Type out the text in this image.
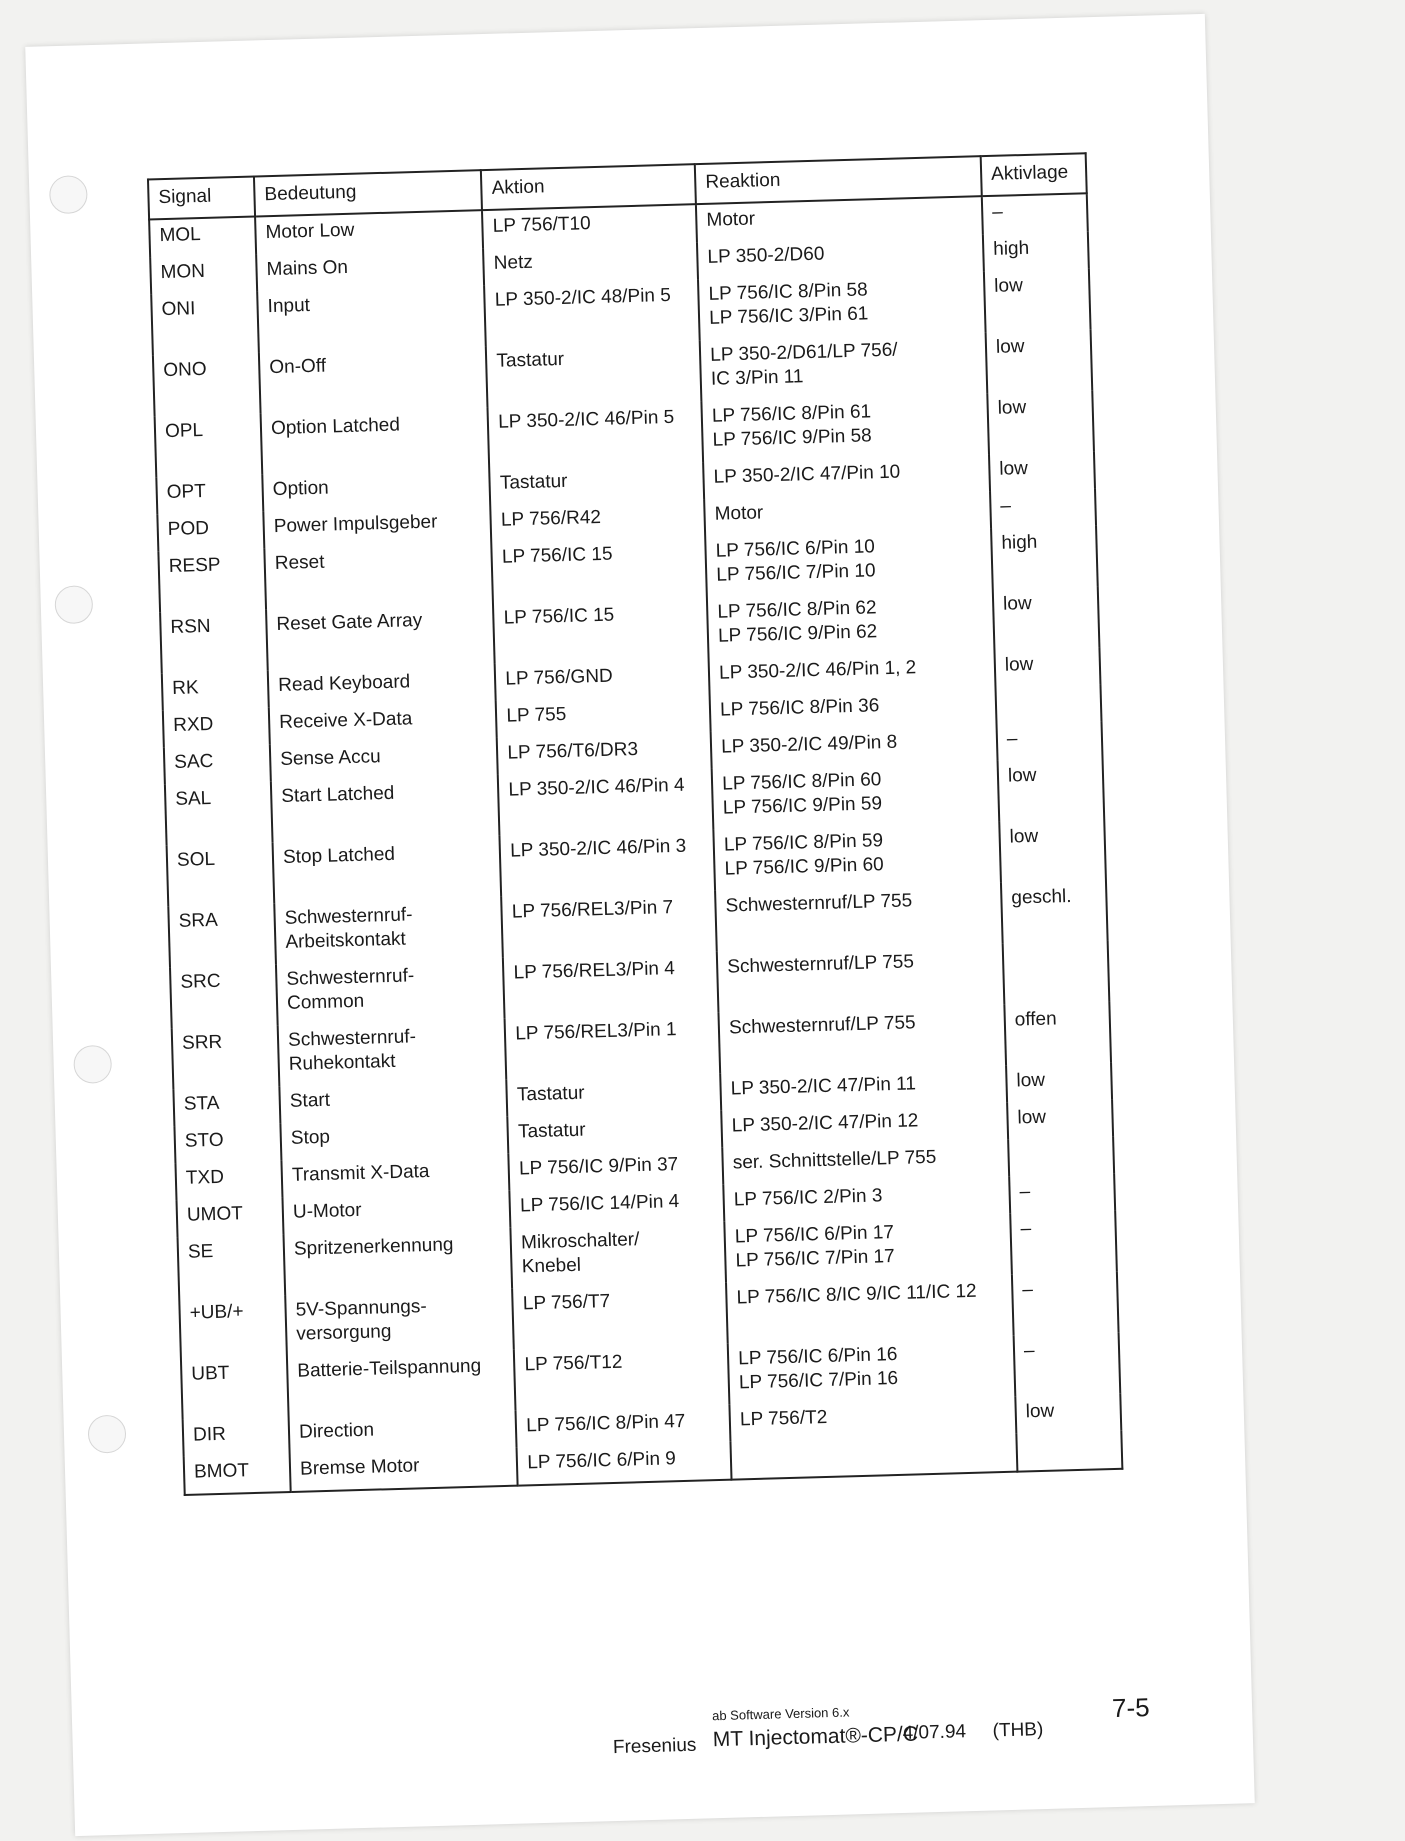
Signal	Bedeutung	Aktion	Reaktion	Aktivlage
MOL	Motor Low	LP 756/T10	Motor	–
MON	Mains On	Netz	LP 350-2/D60	high
ONI	Input	LP 350-2/IC 48/Pin 5	LP 756/IC 8/Pin 58
LP 756/IC 3/Pin 61	low
ONO	On-Off	Tastatur	LP 350-2/D61/LP 756/
IC 3/Pin 11	low
OPL	Option Latched	LP 350-2/IC 46/Pin 5	LP 756/IC 8/Pin 61
LP 756/IC 9/Pin 58	low
OPT	Option	Tastatur	LP 350-2/IC 47/Pin 10	low
POD	Power Impulsgeber	LP 756/R42	Motor	–
RESP	Reset	LP 756/IC 15	LP 756/IC 6/Pin 10
LP 756/IC 7/Pin 10	high
RSN	Reset Gate Array	LP 756/IC 15	LP 756/IC 8/Pin 62
LP 756/IC 9/Pin 62	low
RK	Read Keyboard	LP 756/GND	LP 350-2/IC 46/Pin 1, 2	low
RXD	Receive X-Data	LP 755	LP 756/IC 8/Pin 36	

SAC	Sense Accu	LP 756/T6/DR3	LP 350-2/IC 49/Pin 8	–
SAL	Start Latched	LP 350-2/IC 46/Pin 4	LP 756/IC 8/Pin 60
LP 756/IC 9/Pin 59	low
SOL	Stop Latched	LP 350-2/IC 46/Pin 3	LP 756/IC 8/Pin 59
LP 756/IC 9/Pin 60	low
SRA	Schwesternruf-
Arbeitskontakt	LP 756/REL3/Pin 7	Schwesternruf/LP 755	geschl.
SRC	Schwesternruf-
Common	LP 756/REL3/Pin 4	Schwesternruf/LP 755	

SRR	Schwesternruf-
Ruhekontakt	LP 756/REL3/Pin 1	Schwesternruf/LP 755	offen
STA	Start	Tastatur	LP 350-2/IC 47/Pin 11	low
STO	Stop	Tastatur	LP 350-2/IC 47/Pin 12	low
TXD	Transmit X-Data	LP 756/IC 9/Pin 37	ser. Schnittstelle/LP 755	

UMOT	U-Motor	LP 756/IC 14/Pin 4	LP 756/IC 2/Pin 3	–
SE	Spritzenerkennung	Mikroschalter/
Knebel	LP 756/IC 6/Pin 17
LP 756/IC 7/Pin 17	–
+UB/+	5V-Spannungs-
versorgung	LP 756/T7	LP 756/IC 8/IC 9/IC 11/IC 12	–
UBT	Batterie-Teilspannung	LP 756/T12	LP 756/IC 6/Pin 16
LP 756/IC 7/Pin 16	–
DIR	Direction	LP 756/IC 8/Pin 47	LP 756/T2	low
BMOT	Bremse Motor	LP 756/IC 6/Pin 9		

Fresenius
ab Software Version 6.x
MT Injectomat®-CP/C
4/07.94 (THB)
7-5
